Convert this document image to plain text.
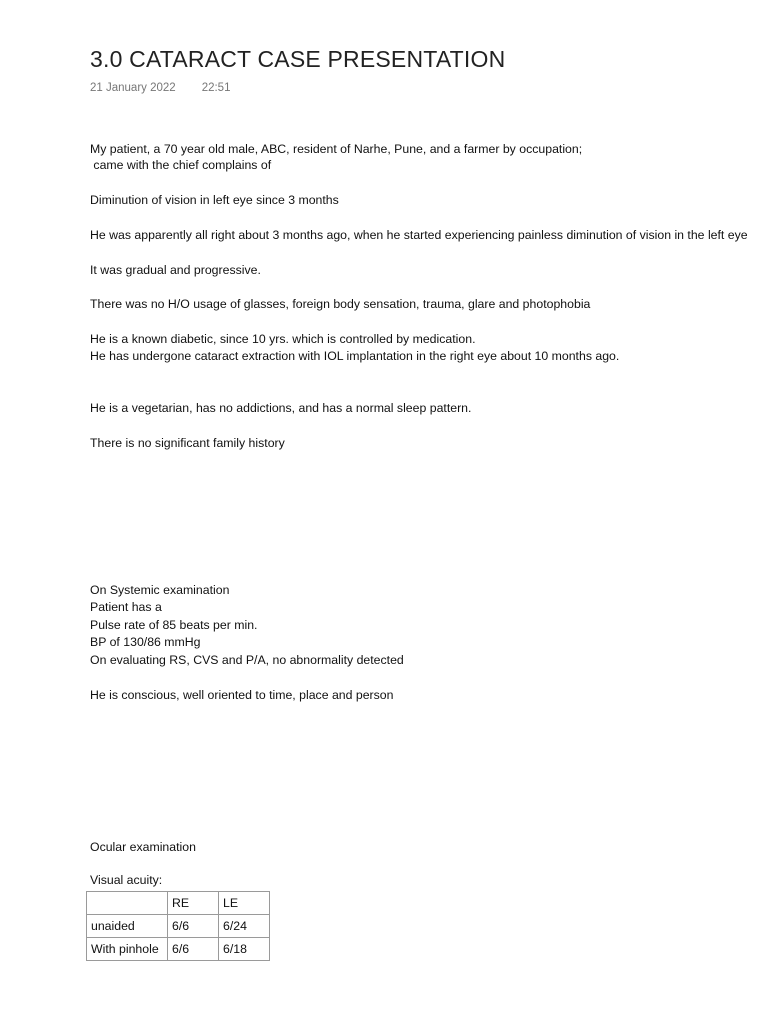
3.0 CATARACT CASE PRESENTATION
21 January 2022 22:51
My patient, a 70 year old male, ABC, resident of Narhe, Pune, and a farmer by occupation;
came with the chief complains of
Diminution of vision in left eye since 3 months
He was apparently all right about 3 months ago, when he started experiencing painless diminution of vision in the left eye
It was gradual and progressive.
There was no H/O usage of glasses, foreign body sensation, trauma, glare and photophobia
He is a known diabetic, since 10 yrs. which is controlled by medication.
He has undergone cataract extraction with IOL implantation in the right eye about 10 months ago.
He is a vegetarian, has no addictions, and has a normal sleep pattern.
There is no significant family history
On Systemic examination
Patient has a
Pulse rate of 85 beats per min.
BP of 130/86 mmHg
On evaluating RS, CVS and P/A, no abnormality detected
He is conscious, well oriented to time, place and person
Ocular examination
Visual acuity:
	RE	LE
unaided	6/6	6/24
With pinhole	6/6	6/18
